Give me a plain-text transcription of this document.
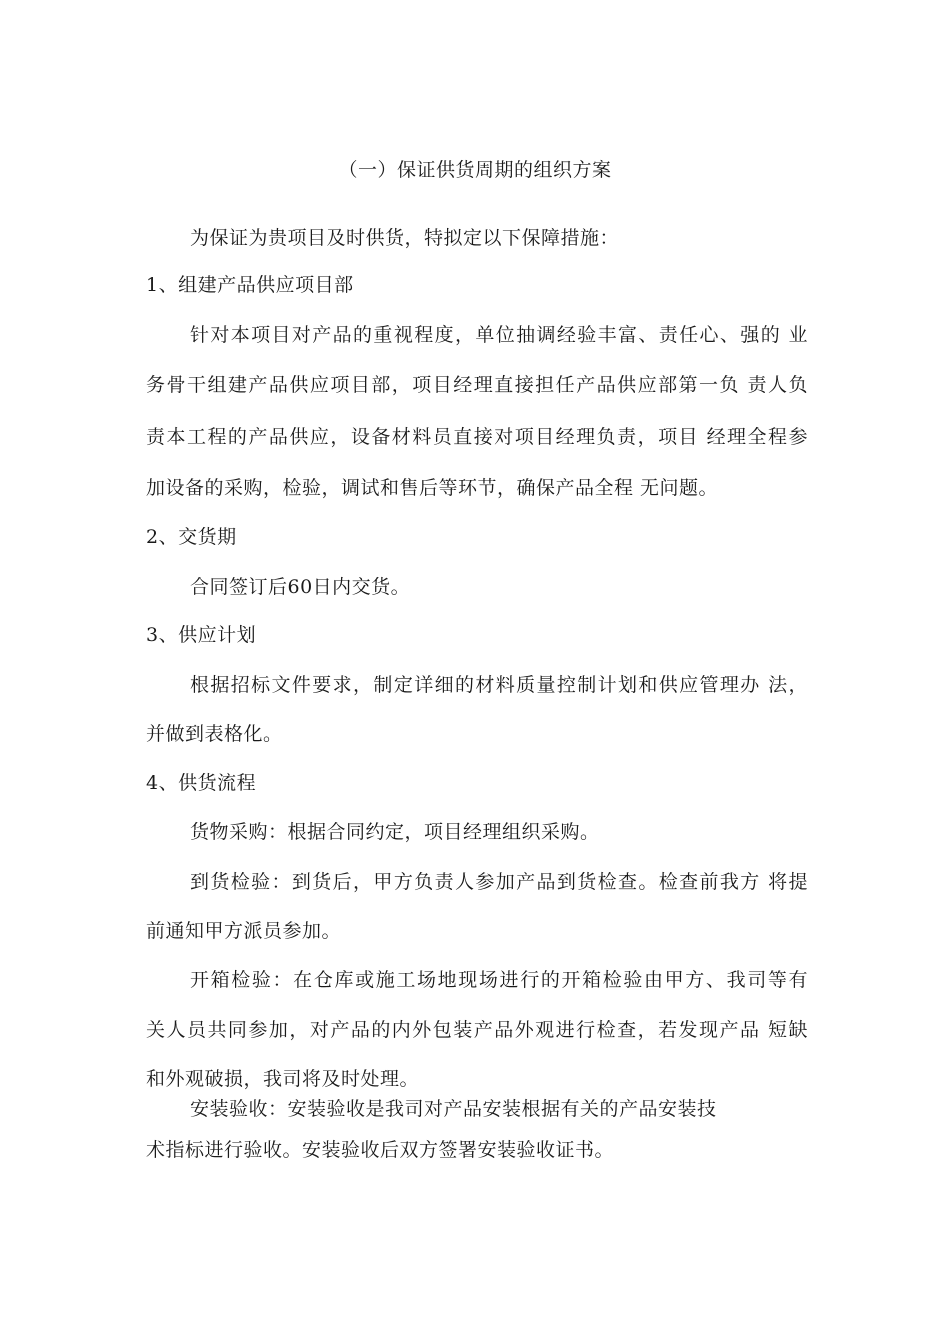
（一）保证供货周期的组织方案
为保证为贵项目及时供货，特拟定以下保障措施：
1、组建产品供应项目部
针对本项目对产品的重视程度，单位抽调经验丰富、责任心、强的 业
务骨干组建产品供应项目部，项目经理直接担任产品供应部第一负 责人负
责本工程的产品供应，设备材料员直接对项目经理负责，项目 经理全程参
加设备的采购，检验，调试和售后等环节，确保产品全程 无问题。
2、交货期
合同签订后60日内交货。
3、供应计划
根据招标文件要求，制定详细的材料质量控制计划和供应管理办 法，
并做到表格化。
4、供货流程
货物采购：根据合同约定，项目经理组织采购。
到货检验：到货后，甲方负责人参加产品到货检查。检查前我方 将提
前通知甲方派员参加。
开箱检验：在仓库或施工场地现场进行的开箱检验由甲方、我司等有
关人员共同参加，对产品的内外包装产品外观进行检查，若发现产品 短缺
和外观破损，我司将及时处理。
安装验收：安装验收是我司对产品安装根据有关的产品安装技
术指标进行验收。安装验收后双方签署安装验收证书。
